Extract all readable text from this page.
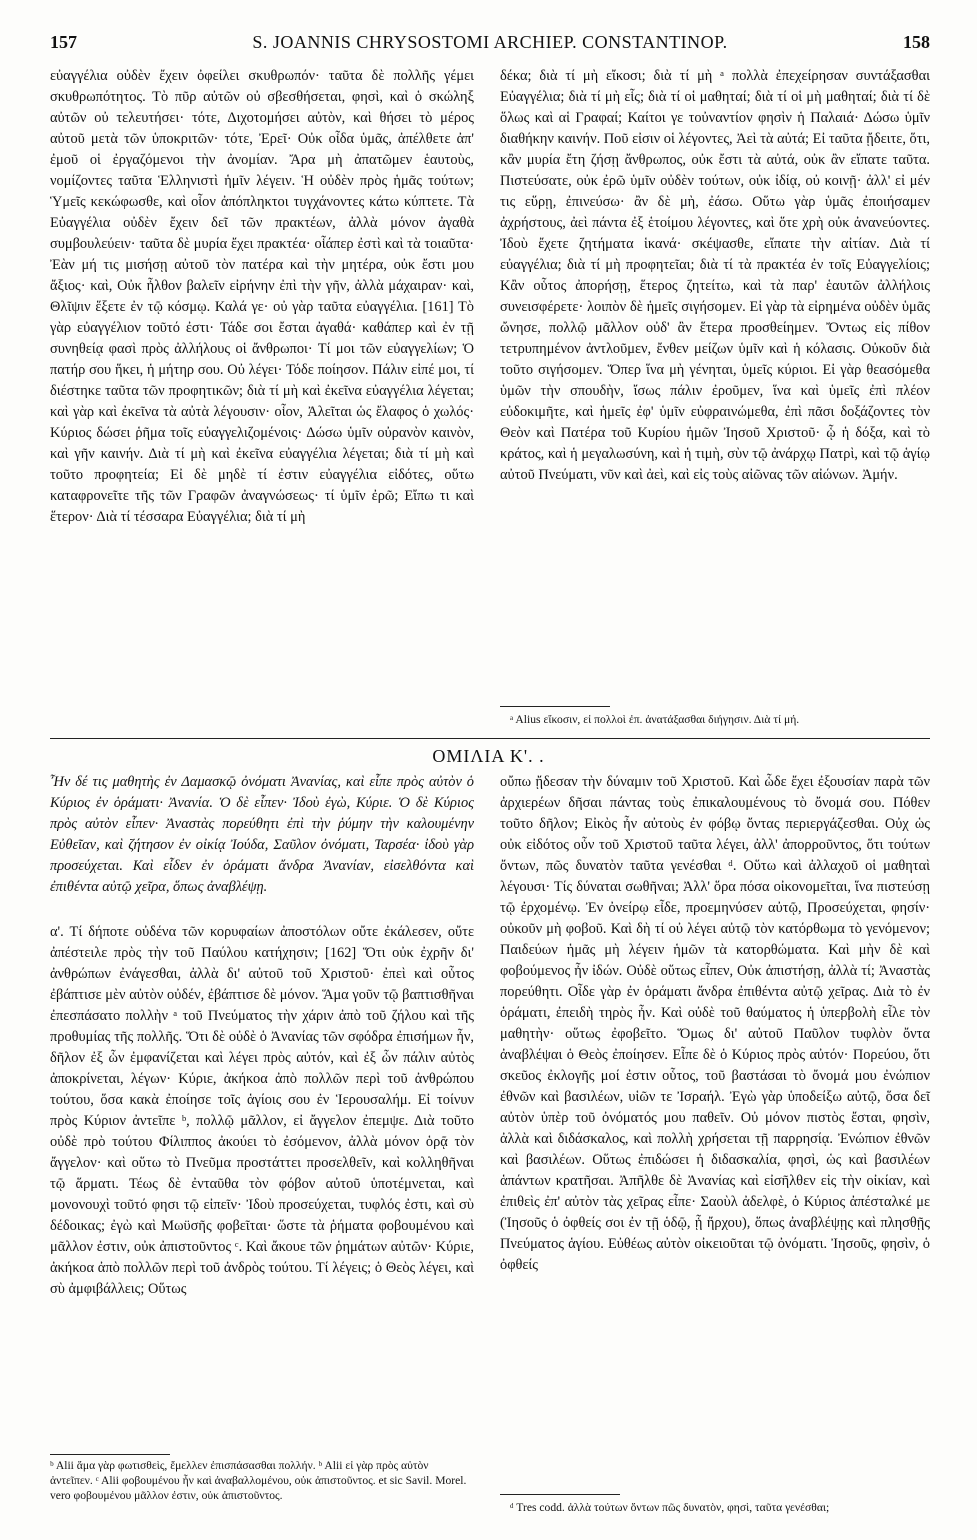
157	S. JOANNIS CHRYSOSTOMI ARCHIEP. CONSTANTINOP.	158

εὐαγγέλια οὐδὲν ἔχειν ὀφείλει σκυθρωπόν· ταῦτα δὲ πολλῆς γέμει σκυθρωπότητος. Τὸ πῦρ αὐτῶν οὐ σβεσθήσεται, φησὶ, καὶ ὁ σκώληξ αὐτῶν οὐ τελευτήσει· τότε, Διχοτομήσει αὐτὸν, καὶ θήσει τὸ μέρος αὐτοῦ μετὰ τῶν ὑποκριτῶν· τότε, Ἐρεῖ· Οὐκ οἶδα ὑμᾶς, ἀπέλθετε ἀπ' ἐμοῦ οἱ ἐργαζόμενοι τὴν ἀνομίαν. Ἄρα μὴ ἀπατῶμεν ἑαυτοὺς, νομίζοντες ταῦτα Ἑλληνιστὶ ἡμῖν λέγειν. Ἡ οὐδὲν πρὸς ἡμᾶς τούτων; Ὑμεῖς κεκώφωσθε, καὶ οἷον ἀπόπληκτοι τυγχάνοντες κάτω κύπτετε. Τὰ Εὐαγγέλια οὐδὲν ἔχειν δεῖ τῶν πρακτέων, ἀλλὰ μόνον ἀγαθὰ συμβουλεύειν· ταῦτα δὲ μυρία ἔχει πρακτέα· οἷάπερ ἐστὶ καὶ τὰ τοιαῦτα· Ἐὰν μή τις μισήσῃ αὐτοῦ τὸν πατέρα καὶ τὴν μητέρα, οὐκ ἔστι μου ἄξιος· καὶ, Οὐκ ἦλθον βαλεῖν εἰρήνην ἐπὶ τὴν γῆν, ἀλλὰ μάχαιραν· καὶ, Θλῖψιν ἕξετε ἐν τῷ κόσμῳ. Καλά γε· οὐ γὰρ ταῦτα εὐαγγέλια. [161] Τὸ γὰρ εὐαγγέλιον τοῦτό ἐστι· Τάδε σοι ἔσται ἀγαθά· καθάπερ καὶ ἐν τῇ συνηθείᾳ φασὶ πρὸς ἀλλήλους οἱ ἄνθρωποι· Τί μοι τῶν εὐαγγελίων; Ὁ πατήρ σου ἥκει, ἡ μήτηρ σου. Οὐ λέγει· Τόδε ποίησον. Πάλιν εἰπέ μοι, τί διέστηκε ταῦτα τῶν προφητικῶν; διὰ τί μὴ καὶ ἐκεῖνα εὐαγγέλια λέγεται; καὶ γὰρ καὶ ἐκεῖνα τὰ αὐτὰ λέγουσιν· οἷον, Ἀλεῖται ὡς ἔλαφος ὁ χωλός· Κύριος δώσει ῥῆμα τοῖς εὐαγγελιζομένοις· Δώσω ὑμῖν οὐρανὸν καινὸν, καὶ γῆν καινήν. Διὰ τί μὴ καὶ ἐκεῖνα εὐαγγέλια λέγεται; διὰ τί μὴ καὶ τοῦτο προφητεία; Εἰ δὲ μηδὲ τί ἐστιν εὐαγγέλια εἰδότες, οὕτω καταφρονεῖτε τῆς τῶν Γραφῶν ἀναγνώσεως· τί ὑμῖν ἐρῶ; Εἴπω τι καὶ ἕτερον· Διὰ τί τέσσαρα Εὐαγγέλια; διὰ τί μὴ

δέκα; διὰ τί μὴ εἴκοσι; διὰ τί μὴ ᵃ πολλὰ ἐπεχείρησαν συντάξασθαι Εὐαγγέλια; διὰ τί μὴ εἷς; διὰ τί οἱ μαθηταί; διὰ τί οἱ μὴ μαθηταί; διὰ τί δὲ ὅλως καὶ αἱ Γραφαί; Καίτοι γε τοὐναντίον φησὶν ἡ Παλαιά· Δώσω ὑμῖν διαθήκην καινήν. Ποῦ εἰσιν οἱ λέγοντες, Ἀεὶ τὰ αὐτά; Εἰ ταῦτα ᾔδειτε, ὅτι, κἂν μυρία ἔτη ζήσῃ ἄνθρωπος, οὐκ ἔστι τὰ αὐτά, οὐκ ἂν εἴπατε ταῦτα. Πιστεύσατε, οὐκ ἐρῶ ὑμῖν οὐδὲν τούτων, οὐκ ἰδίᾳ, οὐ κοινῇ· ἀλλ' εἰ μέν τις εὕρῃ, ἐπινεύσω· ἂν δὲ μὴ, ἐάσω. Οὕτω γὰρ ὑμᾶς ἐποιήσαμεν ἀχρήστους, ἀεὶ πάντα ἐξ ἑτοίμου λέγοντες, καὶ ὅτε χρὴ οὐκ ἀνανεύοντες. Ἰδοὺ ἔχετε ζητήματα ἱκανά· σκέψασθε, εἴπατε τὴν αἰτίαν. Διὰ τί εὐαγγέλια; διὰ τί μὴ προφητεῖαι; διὰ τί τὰ πρακτέα ἐν τοῖς Εὐαγγελίοις; Κἂν οὗτος ἀπορήσῃ, ἕτερος ζητείτω, καὶ τὰ παρ' ἑαυτῶν ἀλλήλοις συνεισφέρετε· λοιπὸν δὲ ἡμεῖς σιγήσομεν. Εἰ γὰρ τὰ εἰρημένα οὐδὲν ὑμᾶς ὤνησε, πολλῷ μᾶλλον οὐδ' ἂν ἕτερα προσθείημεν. Ὄντως εἰς πίθον τετρυπημένον ἀντλοῦμεν, ἔνθεν μείζων ὑμῖν καὶ ἡ κόλασις. Οὐκοῦν διὰ τοῦτο σιγήσομεν. Ὅπερ ἵνα μὴ γένηται, ὑμεῖς κύριοι. Εἰ γὰρ θεασόμεθα ὑμῶν τὴν σπουδὴν, ἴσως πάλιν ἐροῦμεν, ἵνα καὶ ὑμεῖς ἐπὶ πλέον εὐδοκιμῆτε, καὶ ἡμεῖς ἐφ' ὑμῖν εὐφραινώμεθα, ἐπὶ πᾶσι δοξάζοντες τὸν Θεὸν καὶ Πατέρα τοῦ Κυρίου ἡμῶν Ἰησοῦ Χριστοῦ· ᾧ ἡ δόξα, καὶ τὸ κράτος, καὶ ἡ μεγαλωσύνη, καὶ ἡ τιμὴ, σὺν τῷ ἀνάρχῳ Πατρὶ, καὶ τῷ ἁγίῳ αὐτοῦ Πνεύματι, νῦν καὶ ἀεὶ, καὶ εἰς τοὺς αἰῶνας τῶν αἰώνων. Ἀμήν.

ᵃ Alius εἴκοσιν, εἰ πολλοὶ ἐπ. ἀνατάξασθαι διήγησιν. Διὰ τί μή.
ΟΜΙΛΙΑ Κ'. .

Ἦν δέ τις μαθητὴς ἐν Δαμασκῷ ὀνόματι Ἀνανίας, καὶ εἶπε πρὸς αὐτὸν ὁ Κύριος ἐν ὁράματι· Ἀνανία. Ὁ δὲ εἶπεν· Ἰδοὺ ἐγὼ, Κύριε. Ὁ δὲ Κύριος πρὸς αὐτὸν εἶπεν· Ἀναστὰς πορεύθητι ἐπὶ τὴν ῥύμην τὴν καλουμένην Εὐθεῖαν, καὶ ζήτησον ἐν οἰκίᾳ Ἰούδα, Σαῦλον ὀνόματι, Ταρσέα· ἰδοὺ γὰρ προσεύχεται. Καὶ εἶδεν ἐν ὁράματι ἄνδρα Ἀνανίαν, εἰσελθόντα καὶ ἐπιθέντα αὐτῷ χεῖρα, ὅπως ἀναβλέψῃ.

α'. Τί δήποτε οὐδένα τῶν κορυφαίων ἀποστόλων οὔτε ἐκάλεσεν, οὔτε ἀπέστειλε πρὸς τὴν τοῦ Παύλου κατήχησιν; [162] Ὅτι οὐκ ἐχρῆν δι' ἀνθρώπων ἐνάγεσθαι, ἀλλὰ δι' αὐτοῦ τοῦ Χριστοῦ· ἐπεὶ καὶ οὗτος ἐβάπτισε μὲν αὐτὸν οὐδέν, ἐβάπτισε δὲ μόνον. Ἅμα γοῦν τῷ βαπτισθῆναι ἐπεσπάσατο πολλὴν ᵃ τοῦ Πνεύματος τὴν χάριν ἀπὸ τοῦ ζήλου καὶ τῆς προθυμίας τῆς πολλῆς. Ὅτι δὲ οὐδὲ ὁ Ἀνανίας τῶν σφόδρα ἐπισήμων ἦν, δῆλον ἐξ ὧν ἐμφανίζεται καὶ λέγει πρὸς αὐτόν, καὶ ἐξ ὧν πάλιν αὐτὸς ἀποκρίνεται, λέγων· Κύριε, ἀκήκοα ἀπὸ πολλῶν περὶ τοῦ ἀνθρώπου τούτου, ὅσα κακὰ ἐποίησε τοῖς ἁγίοις σου ἐν Ἱερουσαλήμ. Εἰ τοίνυν πρὸς Κύριον ἀντεῖπε ᵇ, πολλῷ μᾶλλον, εἰ ἄγγελον ἐπεμψε. Διὰ τοῦτο οὐδὲ πρὸ τούτου Φίλιππος ἀκούει τὸ ἐσόμενον, ἀλλὰ μόνον ὁρᾷ τὸν ἄγγελον· καὶ οὕτω τὸ Πνεῦμα προστάττει προσελθεῖν, καὶ κολληθῆναι τῷ ἅρματι. Τέως δὲ ἐνταῦθα τὸν φόβον αὐτοῦ ὑποτέμνεται, καὶ μονονουχὶ τοῦτό φησι τῷ εἰπεῖν· Ἰδοὺ προσεύχεται, τυφλός ἐστι, καὶ σὺ δέδοικας; ἐγὼ καὶ Μωϋσῆς φοβεῖται· ὥστε τὰ ῥήματα φοβουμένου καὶ μᾶλλον ἐστιν, οὐκ ἀπιστοῦντος ᶜ. Καὶ ἄκουε τῶν ῥημάτων αὐτῶν· Κύριε, ἀκήκοα ἀπὸ πολλῶν περὶ τοῦ ἀνδρὸς τούτου. Τί λέγεις; ὁ Θεὸς λέγει, καὶ σὺ ἀμφιβάλλεις; Οὕτως

ᵇ Alii ἅμα γὰρ φωτισθεὶς, ἔμελλεν ἐπισπάσασθαι πολλήν. ᵇ Alii εἰ γὰρ πρὸς αὐτὸν ἀντεῖπεν. ᶜ Alii φοβουμένου ἦν καὶ ἀναβαλλομένου, οὐκ ἀπιστοῦντος. et sic Savil. Morel. vero φοβουμένου μᾶλλον ἐστιν, οὐκ ἀπιστοῦντος.

οὔπω ᾔδεσαν τὴν δύναμιν τοῦ Χριστοῦ. Καὶ ὧδε ἔχει ἐξουσίαν παρὰ τῶν ἀρχιερέων δῆσαι πάντας τοὺς ἐπικαλουμένους τὸ ὄνομά σου. Πόθεν τοῦτο δῆλον; Εἰκὸς ἦν αὐτοὺς ἐν φόβῳ ὄντας περιεργάζεσθαι. Οὐχ ὡς οὐκ εἰδότος οὖν τοῦ Χριστοῦ ταῦτα λέγει, ἀλλ' ἀπορροῦντος, ὅτι τούτων ὄντων, πῶς δυνατὸν ταῦτα γενέσθαι ᵈ. Οὕτω καὶ ἀλλαχοῦ οἱ μαθηταὶ λέγουσι· Τίς δύναται σωθῆναι; Ἀλλ' ὅρα πόσα οἰκονομεῖται, ἵνα πιστεύσῃ τῷ ἐρχομένῳ. Ἐν ὀνείρῳ εἶδε, προεμηνύσεν αὐτῷ, Προσεύχεται, φησίν· οὐκοῦν μὴ φοβοῦ. Καὶ δὴ τί οὐ λέγει αὐτῷ τὸν κατόρθωμα τὸ γενόμενον; Παιδεύων ἡμᾶς μὴ λέγειν ἡμῶν τὰ κατορθώματα. Καὶ μὴν δὲ καὶ φοβούμενος ἦν ἰδών. Οὐδὲ οὕτως εἶπεν, Οὐκ ἀπιστήσῃ, ἀλλὰ τί; Ἀναστὰς πορεύθητι. Οἶδε γὰρ ἐν ὁράματι ἄνδρα ἐπιθέντα αὐτῷ χεῖρας. Διὰ τὸ ἐν ὁράματι, ἐπειδὴ τηρὸς ἦν. Καὶ οὐδὲ τοῦ θαύματος ἡ ὑπερβολὴ εἷλε τὸν μαθητὴν· οὕτως ἐφοβεῖτο. Ὅμως δι' αὐτοῦ Παῦλον τυφλὸν ὄντα ἀναβλέψαι ὁ Θεὸς ἐποίησεν. Εἶπε δὲ ὁ Κύριος πρὸς αὐτόν· Πορεύου, ὅτι σκεῦος ἐκλογῆς μοί ἐστιν οὗτος, τοῦ βαστάσαι τὸ ὄνομά μου ἐνώπιον ἐθνῶν καὶ βασιλέων, υἱῶν τε Ἰσραήλ. Ἐγὼ γὰρ ὑποδείξω αὐτῷ, ὅσα δεῖ αὐτὸν ὑπὲρ τοῦ ὀνόματός μου παθεῖν. Οὐ μόνον πιστὸς ἔσται, φησὶν, ἀλλὰ καὶ διδάσκαλος, καὶ πολλὴ χρήσεται τῇ παρρησίᾳ. Ἐνώπιον ἐθνῶν καὶ βασιλέων. Οὕτως ἐπιδώσει ἡ διδασκαλία, φησὶ, ὡς καὶ βασιλέων ἁπάντων κρατῆσαι. Ἀπῆλθε δὲ Ἀνανίας καὶ εἰσῆλθεν εἰς τὴν οἰκίαν, καὶ ἐπιθεὶς ἐπ' αὐτὸν τὰς χεῖρας εἶπε· Σαοὺλ ἀδελφὲ, ὁ Κύριος ἀπέσταλκέ με (Ἰησοῦς ὁ ὀφθείς σοι ἐν τῇ ὁδῷ, ᾗ ἤρχου), ὅπως ἀναβλέψῃς καὶ πλησθῇς Πνεύματος ἁγίου. Εὐθέως αὐτὸν οἰκειοῦται τῷ ὀνόματι. Ἰησοῦς, φησὶν, ὁ ὀφθείς

ᵈ Tres codd. ἀλλὰ τούτων ὄντων πῶς δυνατὸν, φησὶ, ταῦτα γενέσθαι;
